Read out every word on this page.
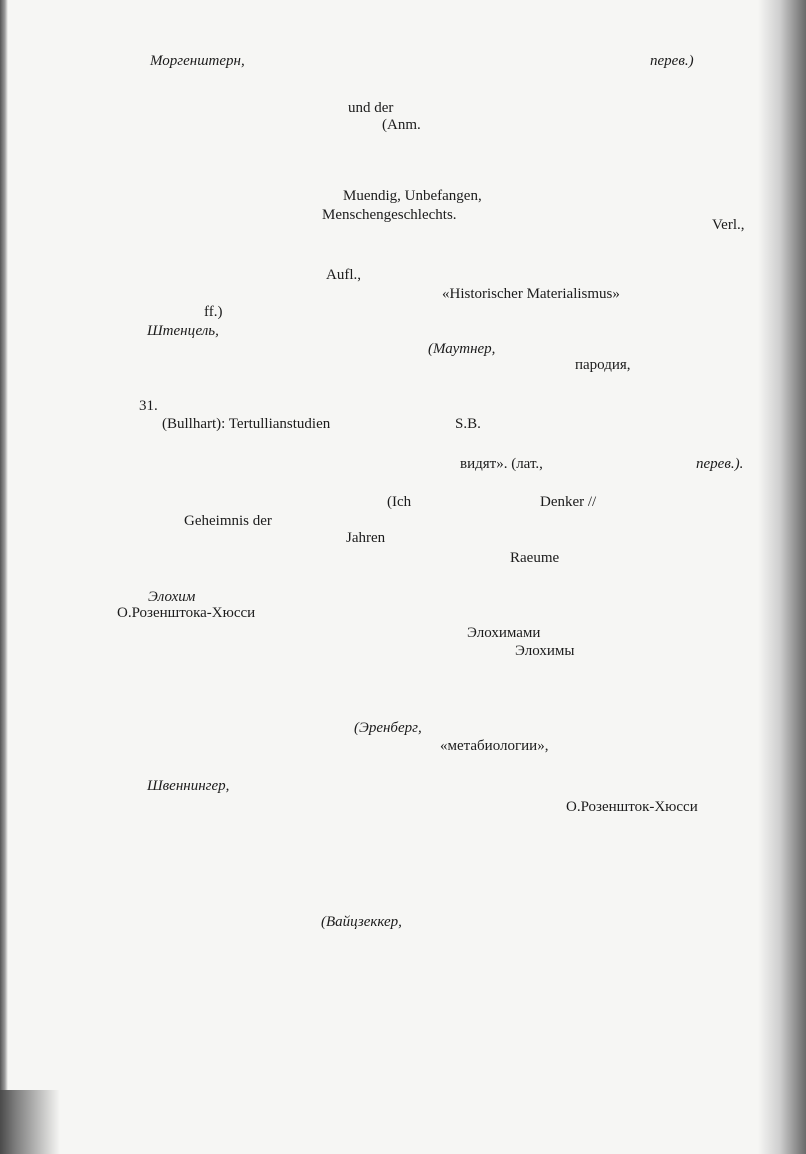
Моргенштерн,	перев.)
und der
(Anm.
Muendig, Unbefangen,
Menschengeschlechts.
Verl.,
Aufl.,
«Historischer Materialismus»
ff.)
Штенцель,
(Маутнер,
пародия,
31.
(Bullhart): Tertullianstudien	S.B.
видят». (лат.,	перев.).
(Ich	Denker //
Geheimnis der
Jahren
Raeume
Элохим
О.Розенштока-Хюсси
Элохимами
Элохимы
(Эренберг,
«метабиологии»,
Швеннингер,
О.Розеншток-Хюсси
(Вайцзеккер,
